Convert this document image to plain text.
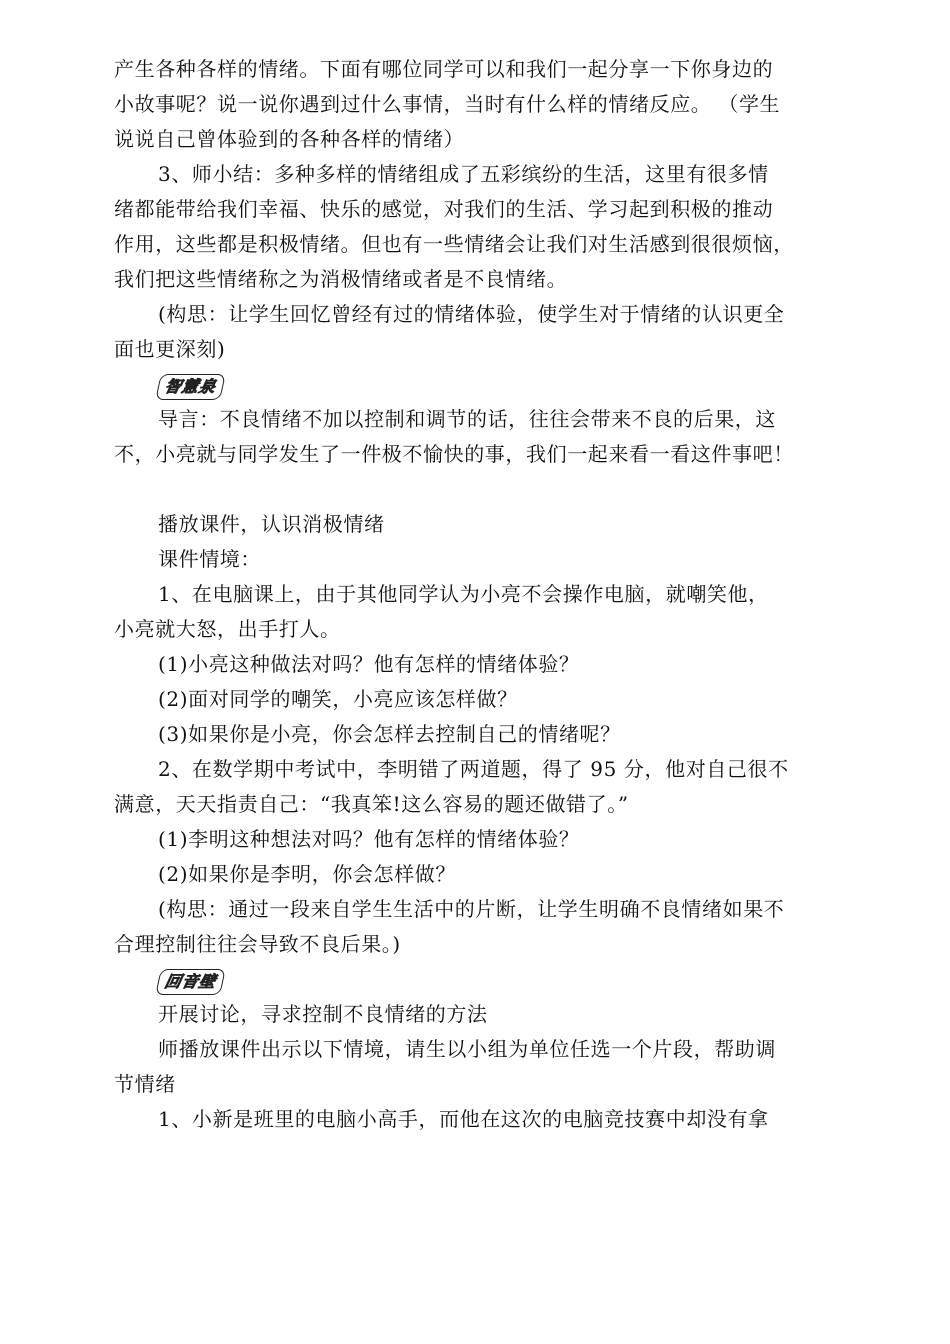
产生各种各样的情绪。下面有哪位同学可以和我们一起分享一下你身边的
小故事呢？说一说你遇到过什么事情，当时有什么样的情绪反应。 （学生
说说自己曾体验到的各种各样的情绪）
3、师小结：多种多样的情绪组成了五彩缤纷的生活，这里有很多情
绪都能带给我们幸福、快乐的感觉，对我们的生活、学习起到积极的推动
作用，这些都是积极情绪。但也有一些情绪会让我们对生活感到很很烦恼，
我们把这些情绪称之为消极情绪或者是不良情绪。
(构思：让学生回忆曾经有过的情绪体验，使学生对于情绪的认识更全
面也更深刻)
智慧泉
导言：不良情绪不加以控制和调节的话，往往会带来不良的后果，这
不，小亮就与同学发生了一件极不愉快的事，我们一起来看一看这件事吧！
播放课件，认识消极情绪
课件情境：
1、在电脑课上，由于其他同学认为小亮不会操作电脑，就嘲笑他，
小亮就大怒，出手打人。
(1)小亮这种做法对吗？他有怎样的情绪体验？
(2)面对同学的嘲笑，小亮应该怎样做？
(3)如果你是小亮，你会怎样去控制自己的情绪呢？
2、在数学期中考试中，李明错了两道题，得了 95 分，他对自己很不
满意，天天指责自己：“我真笨!这么容易的题还做错了。”
(1)李明这种想法对吗？他有怎样的情绪体验？
(2)如果你是李明，你会怎样做？
(构思：通过一段来自学生生活中的片断，让学生明确不良情绪如果不
合理控制往往会导致不良后果。)
回音壁
开展讨论，寻求控制不良情绪的方法
师播放课件出示以下情境，请生以小组为单位任选一个片段，帮助调
节情绪
1、小新是班里的电脑小高手，而他在这次的电脑竞技赛中却没有拿
